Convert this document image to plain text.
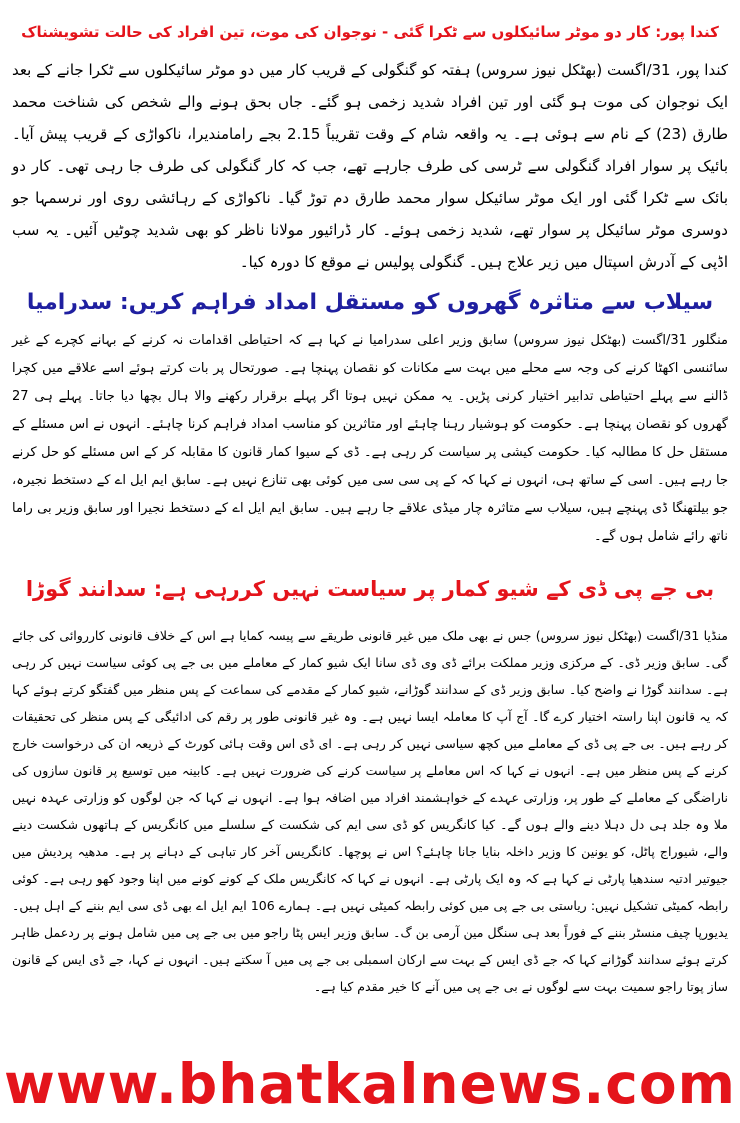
کندا پور: کار دو موٹر سائیکلوں سے ٹکرا گئی - نوجوان کی موت، تین افراد کی حالت تشویشناک

کندا پور، 31/اگست (بھٹکل نیوز سروس) ہفتہ کو گنگولی کے قریب کار میں دو موٹر سائیکلوں سے ٹکرا جانے کے بعد ایک نوجوان کی موت ہو گئی اور تین افراد شدید زخمی ہو گئے۔ جاں بحق ہونے والے شخص کی شناخت محمد طارق (23) کے نام سے ہوئی ہے۔ یہ واقعہ شام کے وقت تقریباً 2.15 بجے رامامندیرا، ناکواڑی کے قریب پیش آیا۔ بائیک پر سوار افراد گنگولی سے ٹرسی کی طرف جارہے تھے، جب کہ کار گنگولی کی طرف جا رہی تھی۔ کار دو بائک سے ٹکرا گئی اور ایک موٹر سائیکل سوار محمد طارق دم توڑ گیا۔ ناکواڑی کے رہائشی روی اور نرسمہا جو دوسری موٹر سائیکل پر سوار تھے، شدید زخمی ہوئے۔ کار ڈرائیور مولانا ناظر کو بھی شدید چوٹیں آئیں۔ یہ سب اڈپی کے آدرش اسپتال میں زیر علاج ہیں۔ گنگولی پولیس نے موقع کا دورہ کیا۔

سیلاب سے متاثرہ گھروں کو مستقل امداد فراہم کریں: سدرامیا

منگلور 31/اگست (بھٹکل نیوز سروس) سابق وزیر اعلی سدرامیا نے کہا ہے کہ احتیاطی اقدامات نہ کرنے کے بہانے کچرے کے غیر سائنسی اکھٹا کرنے کی وجہ سے محلے میں بہت سے مکانات کو نقصان پہنچا ہے۔ صورتحال پر بات کرتے ہوئے اسے علاقے میں کچرا ڈالنے سے پہلے احتیاطی تدابیر اختیار کرنی پڑیں۔ یہ ممکن نہیں ہوتا اگر پہلے برقرار رکھنے والا ہال بچھا دیا جاتا۔ پہلے ہی 27 گھروں کو نقصان پہنچا ہے۔ حکومت کو ہوشیار رہنا چاہئے اور متاثرین کو مناسب امداد فراہم کرنا چاہئے۔ انہوں نے اس مسئلے کے مستقل حل کا مطالبہ کیا۔ حکومت کیشی پر سیاست کر رہی ہے۔ ڈی کے سیوا کمار قانون کا مقابلہ کر کے اس مسئلے کو حل کرنے جا رہے ہیں۔ اسی کے ساتھ ہی، انہوں نے کہا کہ کے پی سی سی میں کوئی بھی تنازع نہیں ہے۔ سابق ایم ایل اے کے دستخط نجیرہ، جو بیلتھنگا ڈی پہنچے ہیں، سیلاب سے متاثرہ چار میڈی علاقے جا رہے ہیں۔ سابق ایم ایل اے کے دستخط نجیرا اور سابق وزیر بی راما ناتھ رائے شامل ہوں گے۔

بی جے پی ڈی کے شیو کمار پر سیاست نہیں کررہی ہے: سدانند گوڑا

منڈیا 31/اگست (بھٹکل نیوز سروس) جس نے بھی ملک میں غیر قانونی طریقے سے پیسہ کمایا ہے اس کے خلاف قانونی کارروائی کی جائے گی۔ سابق وزیر ڈی۔ کے مرکزی وزیر مملکت برائے ڈی وی ڈی سانا ایک شیو کمار کے معاملے میں بی جے پی کوئی سیاست نہیں کر رہی ہے۔ سدانند گوڑا نے واضح کیا۔ سابق وزیر ڈی کے سدانند گوڑانے، شیو کمار کے مقدمے کی سماعت کے پس منظر میں گفتگو کرتے ہوئے کہا کہ یہ قانون اپنا راستہ اختیار کرے گا۔ آج آپ کا معاملہ ایسا نہیں ہے۔ وہ غیر قانونی طور پر رقم کی ادائیگی کے پس منظر کی تحقیقات کر رہے ہیں۔ بی جے پی ڈی کے معاملے میں کچھ سیاسی نہیں کر رہی ہے۔ ای ڈی اس وقت ہائی کورٹ کے ذریعہ ان کی درخواست خارج کرنے کے پس منظر میں ہے۔ انہوں نے کہا کہ اس معاملے پر سیاست کرنے کی ضرورت نہیں ہے۔ کابینہ میں توسیع پر قانون سازوں کی ناراضگی کے معاملے کے طور پر، وزارتی عہدے کے خواہشمند افراد میں اضافہ ہوا ہے۔ انہوں نے کہا کہ جن لوگوں کو وزارتی عہدہ نہیں ملا وہ جلد ہی دل دہلا دینے والے ہوں گے۔ کیا کانگریس کو ڈی سی ایم کی شکست کے سلسلے میں کانگریس کے ہاتھوں شکست دینے والے، شیوراج پاٹل، کو یونین کا وزیر داخلہ بنایا جانا چاہئے؟ اس نے پوچھا۔ کانگریس آخر کار تباہی کے دہانے پر ہے۔ مدھیہ پردیش میں جیوتیر ادتیہ سندھیا پارٹی نے کہا ہے کہ وہ ایک پارٹی ہے۔ انہوں نے کہا کہ کانگریس ملک کے کونے کونے میں اپنا وجود کھو رہی ہے۔ کوئی رابطہ کمیٹی تشکیل نہیں: ریاستی بی جے پی میں کوئی رابطہ کمیٹی نہیں ہے۔ ہمارے 106 ایم ایل اے بھی ڈی سی ایم بننے کے اہل ہیں۔ یدیورپا چیف منسٹر بننے کے فوراً بعد ہی سنگل مین آرمی بن گ۔ سابق وزیر ایس پٹا راجو میں بی جے پی میں شامل ہونے پر ردعمل ظاہر کرتے ہوئے سدانند گوڑانے کہا کہ جے ڈی ایس کے بہت سے ارکان اسمبلی بی جے پی میں آ سکتے ہیں۔ انہوں نے کہا، جے ڈی ایس کے قانون ساز پوتا راجو سمیت بہت سے لوگوں نے بی جے پی میں آنے کا خیر مقدم کیا ہے۔

www.bhatkalnews.com
